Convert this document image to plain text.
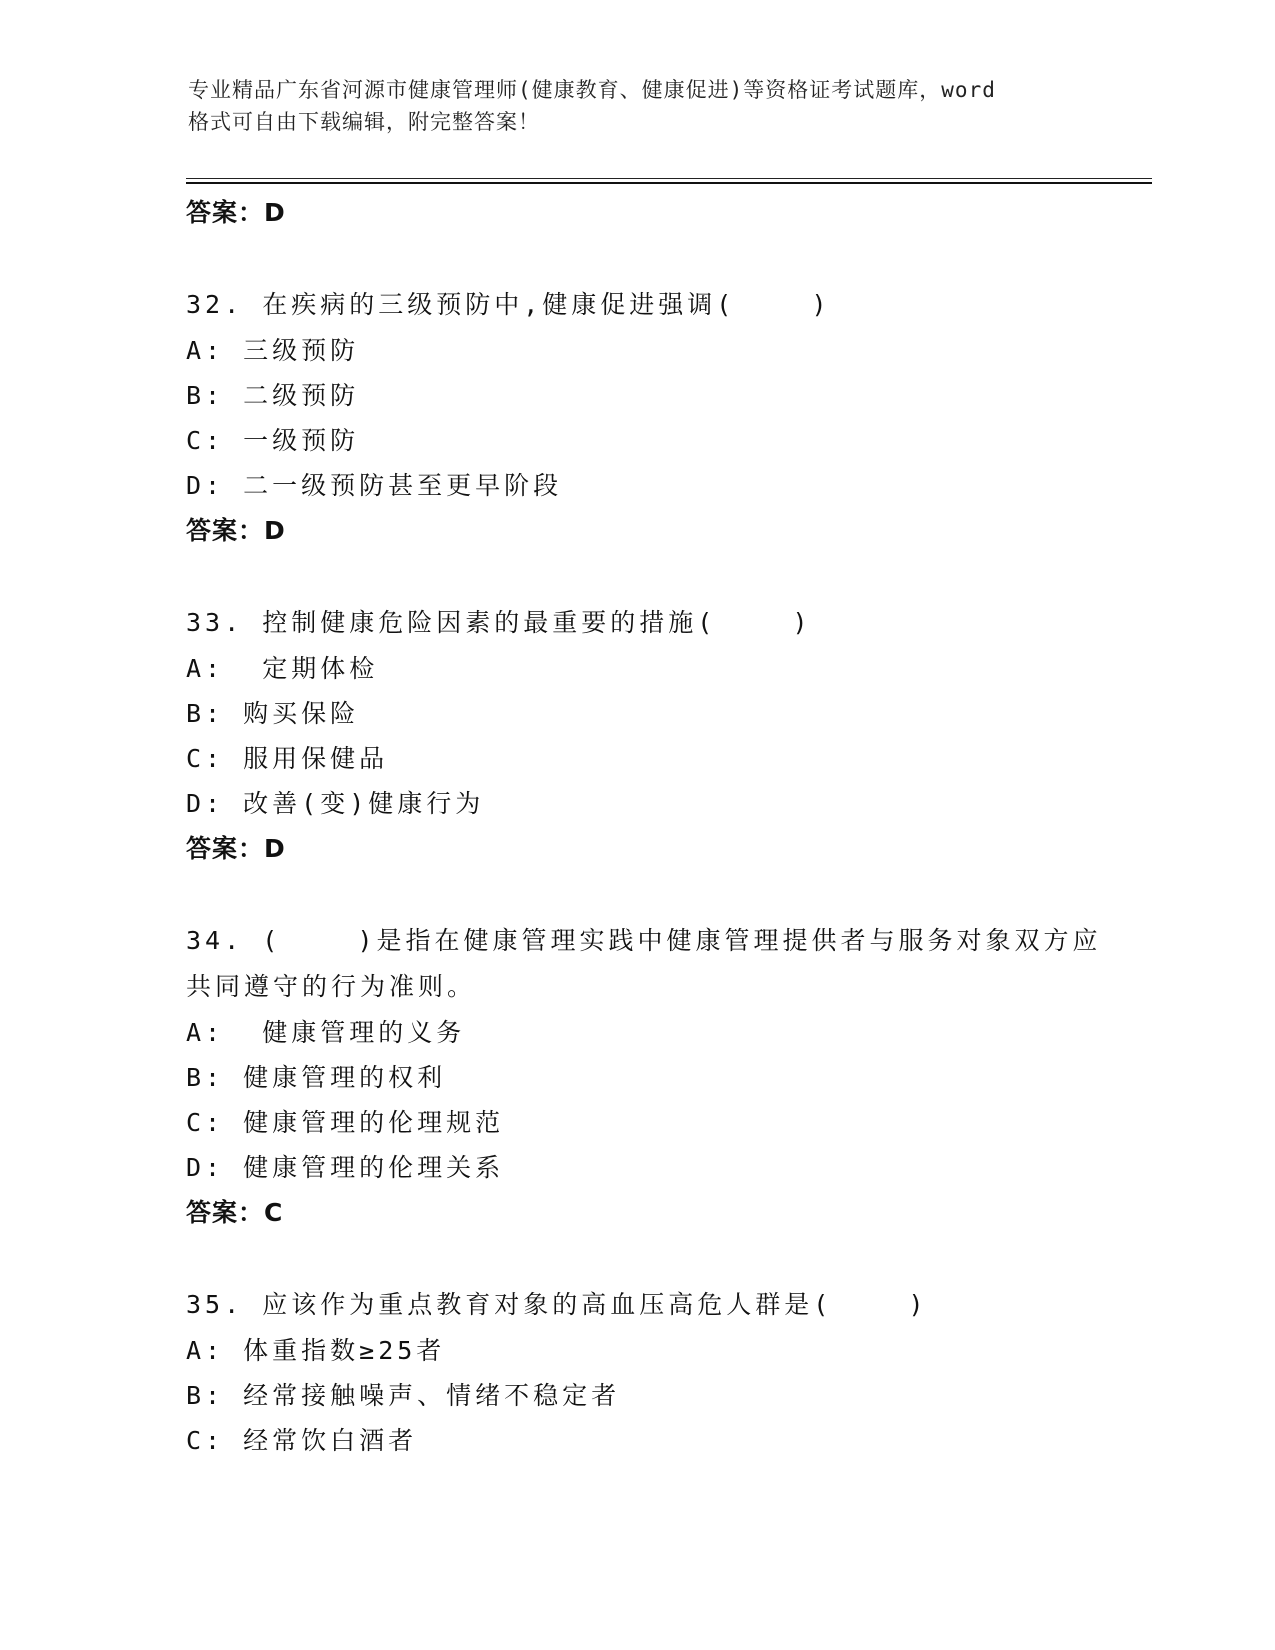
专业精品广东省河源市健康管理师(健康教育、健康促进)等资格证考试题库，word
格式可自由下载编辑，附完整答案！
答案：D
32. 在疾病的三级预防中,健康促进强调(    )
A: 三级预防
B: 二级预防
C: 一级预防
D: 二一级预防甚至更早阶段
答案：D
33. 控制健康危险因素的最重要的措施(    )
A:  定期体检
B: 购买保险
C: 服用保健品
D: 改善(变)健康行为
答案：D
34. (    )是指在健康管理实践中健康管理提供者与服务对象双方应
共同遵守的行为准则。
A:  健康管理的义务
B: 健康管理的权利
C: 健康管理的伦理规范
D: 健康管理的伦理关系
答案：C
35. 应该作为重点教育对象的高血压高危人群是(    )
A: 体重指数≥25者
B: 经常接触噪声、情绪不稳定者
C: 经常饮白酒者
